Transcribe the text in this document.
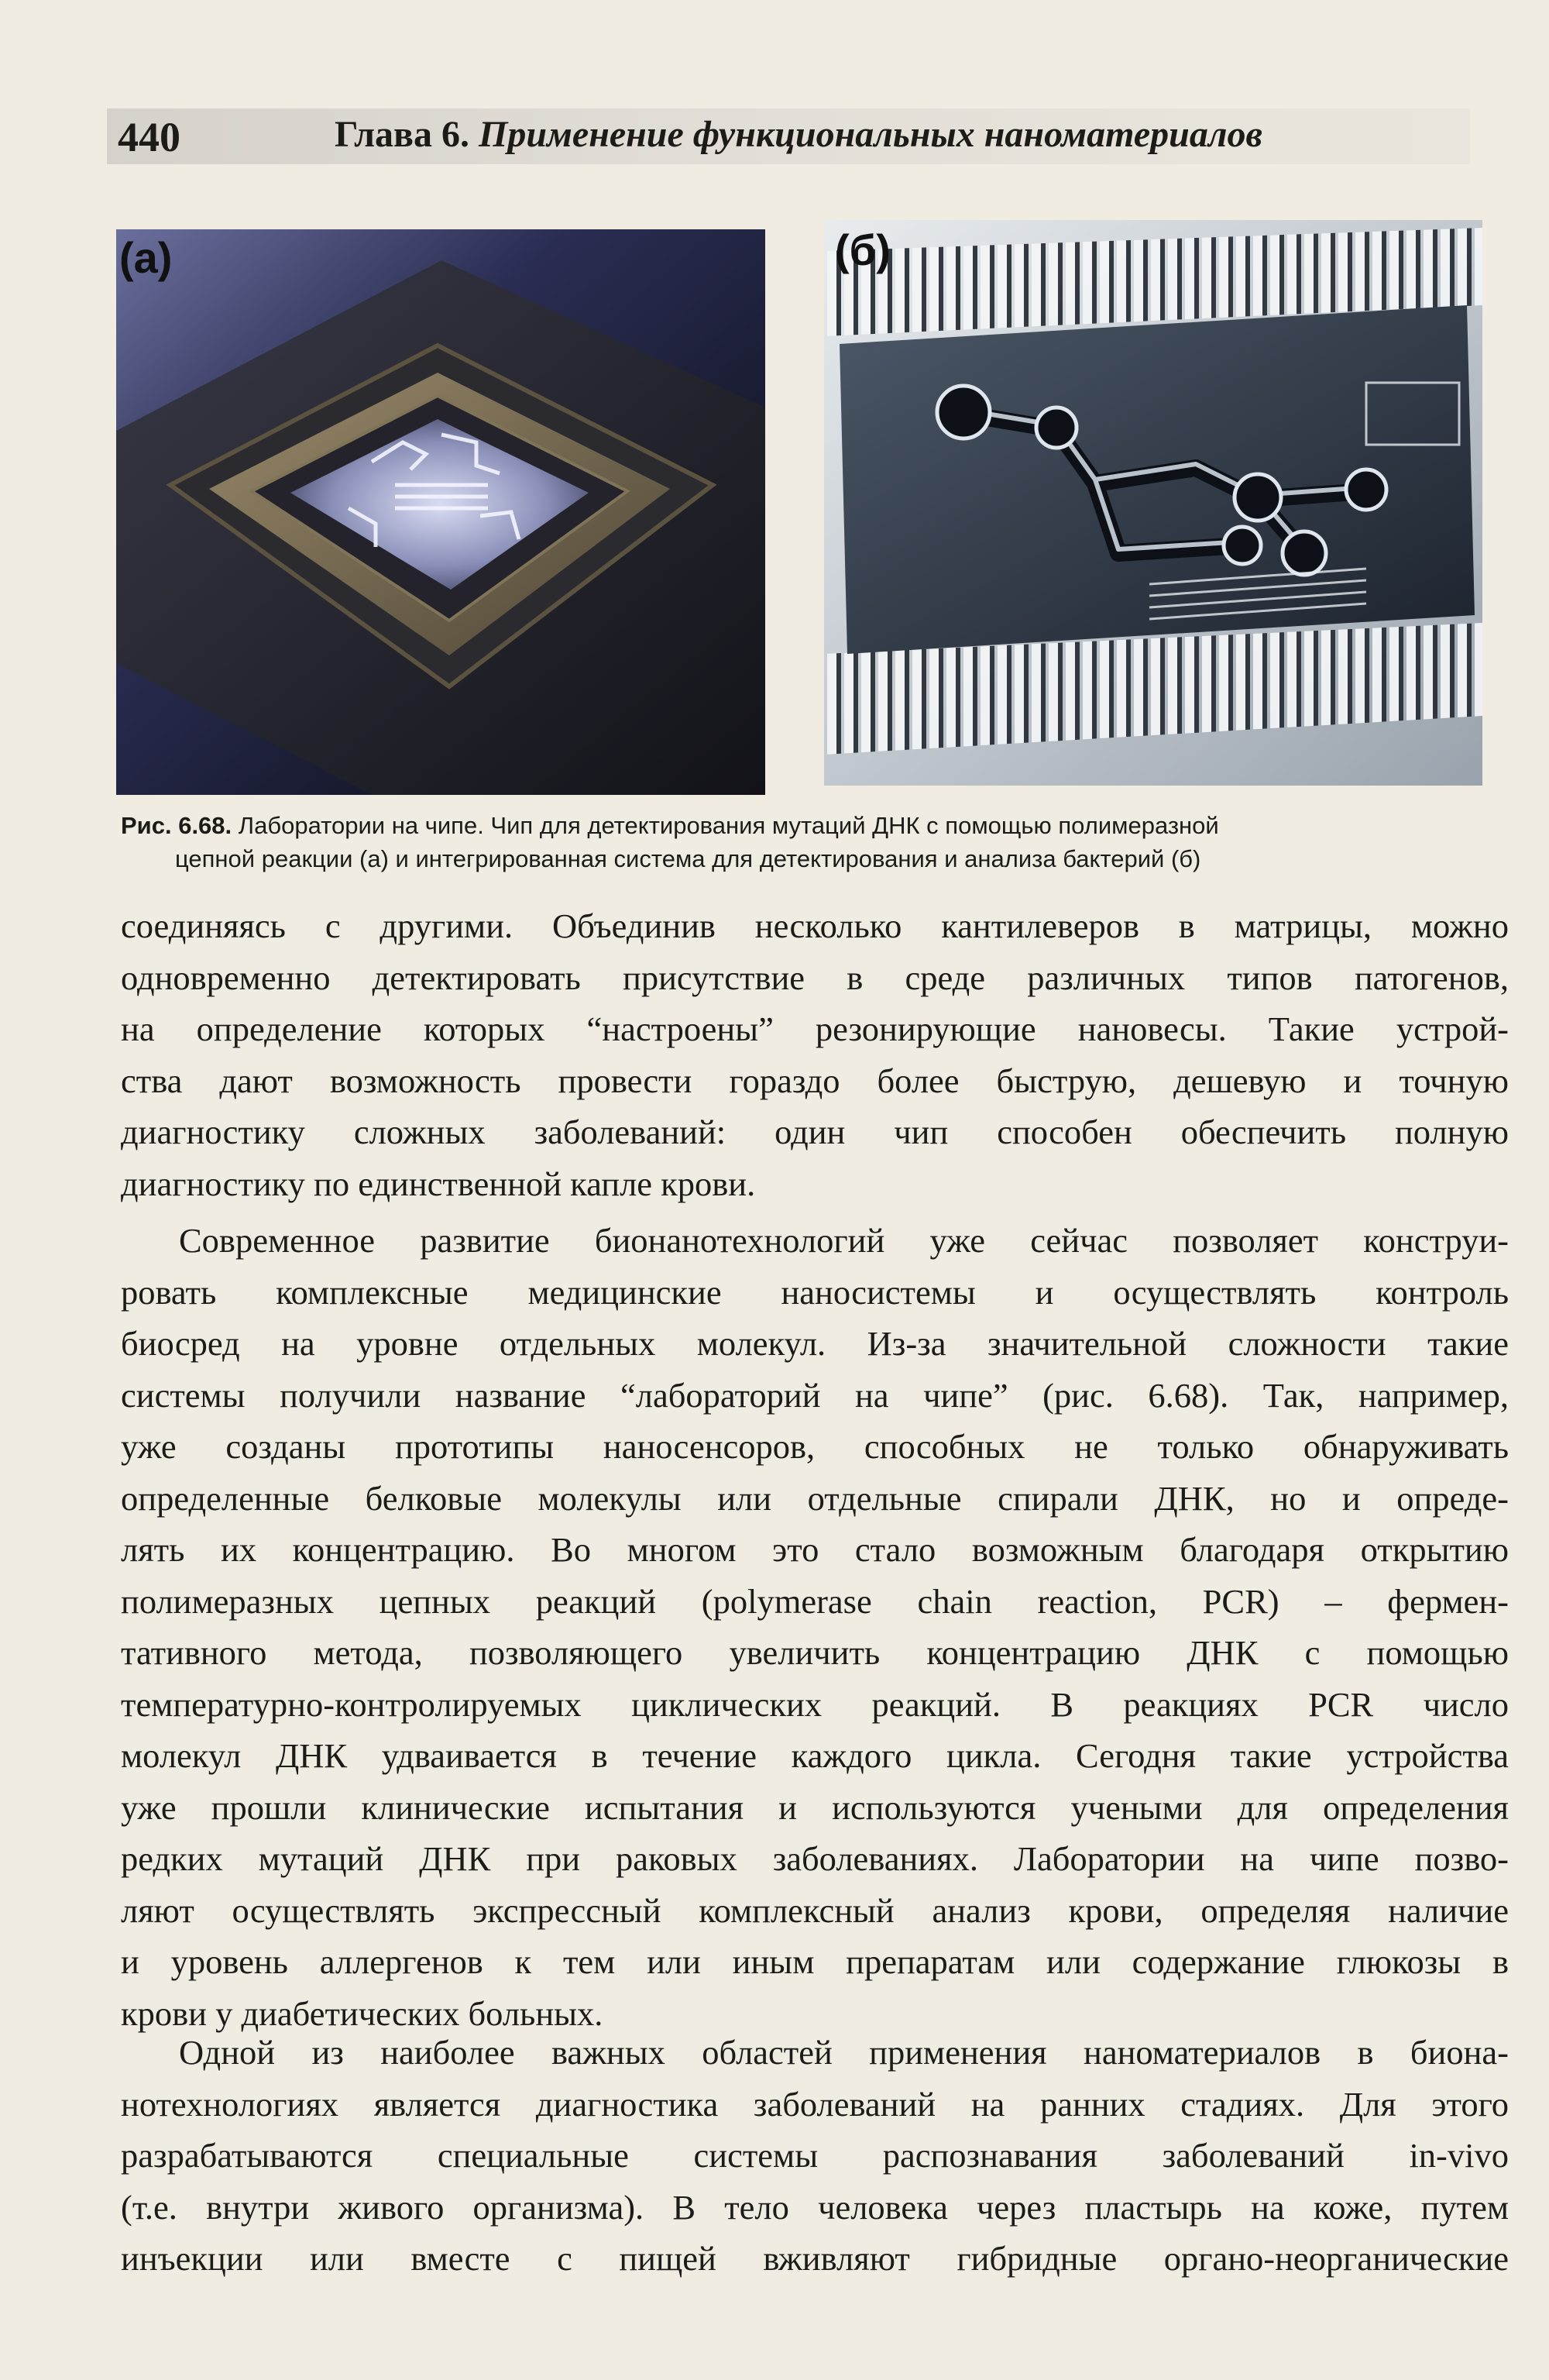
440	Глава 6. Применение функциональных наноматериалов
(а)	(б)
Рис. 6.68. Лаборатории на чипе. Чип для детектирования мутаций ДНК с помощью полимеразной
цепной реакции (а) и интегрированная система для детектирования и анализа бактерий (б)
соединяясь с другими. Объединив несколько кантилеверов в матрицы, можно
одновременно детектировать присутствие в среде различных типов патогенов,
на определение которых “настроены” резонирующие нановесы. Такие устрой-
ства дают возможность провести гораздо более быструю, дешевую и точную
диагностику сложных заболеваний: один чип способен обеспечить полную
диагностику по единственной капле крови.
Современное развитие бионанотехнологий уже сейчас позволяет конструи-
ровать комплексные медицинские наносистемы и осуществлять контроль
биосред на уровне отдельных молекул. Из-за значительной сложности такие
системы получили название “лабораторий на чипе” (рис. 6.68). Так, например,
уже созданы прототипы наносенсоров, способных не только обнаруживать
определенные белковые молекулы или отдельные спирали ДНК, но и опреде-
лять их концентрацию. Во многом это стало возможным благодаря открытию
полимеразных цепных реакций (polymerase chain reaction, PCR) – фермен-
тативного метода, позволяющего увеличить концентрацию ДНК с помощью
температурно-контролируемых циклических реакций. В реакциях PCR число
молекул ДНК удваивается в течение каждого цикла. Сегодня такие устройства
уже прошли клинические испытания и используются учеными для определения
редких мутаций ДНК при раковых заболеваниях. Лаборатории на чипе позво-
ляют осуществлять экспрессный комплексный анализ крови, определяя наличие
и уровень аллергенов к тем или иным препаратам или содержание глюкозы в
крови у диабетических больных.
Одной из наиболее важных областей применения наноматериалов в биона-
нотехнологиях является диагностика заболеваний на ранних стадиях. Для этого
разрабатываются специальные системы распознавания заболеваний in-vivo
(т.е. внутри живого организма). В тело человека через пластырь на коже, путем
инъекции или вместе с пищей вживляют гибридные органо-неорганические
